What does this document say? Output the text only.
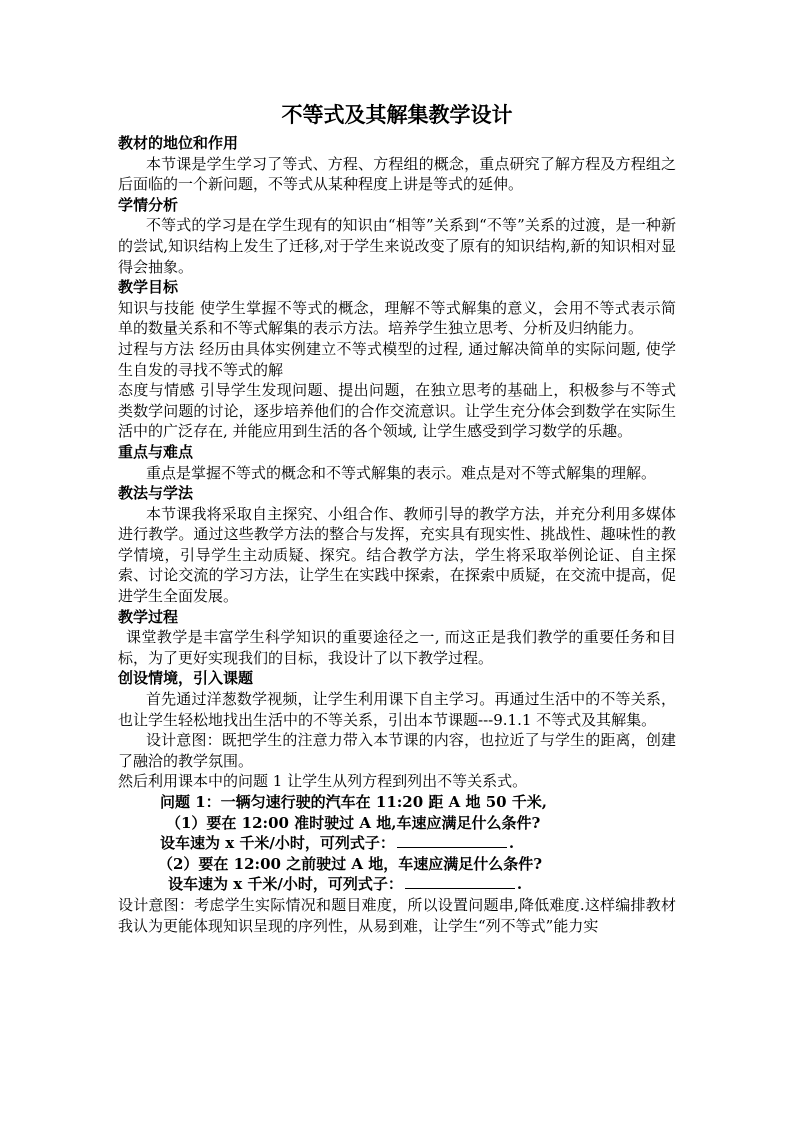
不等式及其解集教学设计

教材的地位和作用

本节课是学生学习了等式、方程、方程组的概念，重点研究了解方程及方程组之后面临的一个新问题，不等式从某种程度上讲是等式的延伸。

学情分析

不等式的学习是在学生现有的知识由“相等”关系到“不等”关系的过渡，是一种新的尝试,知识结构上发生了迁移,对于学生来说改变了原有的知识结构,新的知识相对显得会抽象。

教学目标

知识与技能 使学生掌握不等式的概念，理解不等式解集的意义，会用不等式表示简单的数量关系和不等式解集的表示方法。培养学生独立思考、分析及归纳能力。

过程与方法 经历由具体实例建立不等式模型的过程, 通过解决简单的实际问题, 使学生自发的寻找不等式的解

态度与情感 引导学生发现问题、提出问题，在独立思考的基础上，积极参与不等式类数学问题的讨论，逐步培养他们的合作交流意识。让学生充分体会到数学在实际生活中的广泛存在, 并能应用到生活的各个领域, 让学生感受到学习数学的乐趣。

重点与难点

重点是掌握不等式的概念和不等式解集的表示。难点是对不等式解集的理解。

教法与学法

本节课我将采取自主探究、小组合作、教师引导的教学方法，并充分利用多媒体进行教学。通过这些教学方法的整合与发挥，充实具有现实性、挑战性、趣味性的教学情境，引导学生主动质疑、探究。结合教学方法，学生将采取举例论证、自主探索、讨论交流的学习方法，让学生在实践中探索，在探索中质疑，在交流中提高，促进学生全面发展。

教学过程

课堂教学是丰富学生科学知识的重要途径之一, 而这正是我们教学的重要任务和目标，为了更好实现我们的目标，我设计了以下教学过程。

创设情境，引入课题

首先通过洋葱数学视频，让学生利用课下自主学习。再通过生活中的不等关系，也让学生轻松地找出生活中的不等关系，引出本节课题---9.1.1 不等式及其解集。

设计意图：既把学生的注意力带入本节课的内容，也拉近了与学生的距离，创建了融洽的教学氛围。

然后利用课本中的问题 1 让学生从列方程到列出不等关系式。

问题 1：一辆匀速行驶的汽车在 11:20 距 A 地 50 千米,

（1）要在 12:00 准时驶过 A 地,车速应满足什么条件?

设车速为 x 千米/小时，可列式子：	.

（2）要在 12:00 之前驶过 A 地，车速应满足什么条件?

设车速为 x 千米/小时，可列式子：	.

设计意图：考虑学生实际情况和题目难度，所以设置问题串,降低难度.这样编排教材我认为更能体现知识呈现的序列性，从易到难，让学生“列不等式”能力实
